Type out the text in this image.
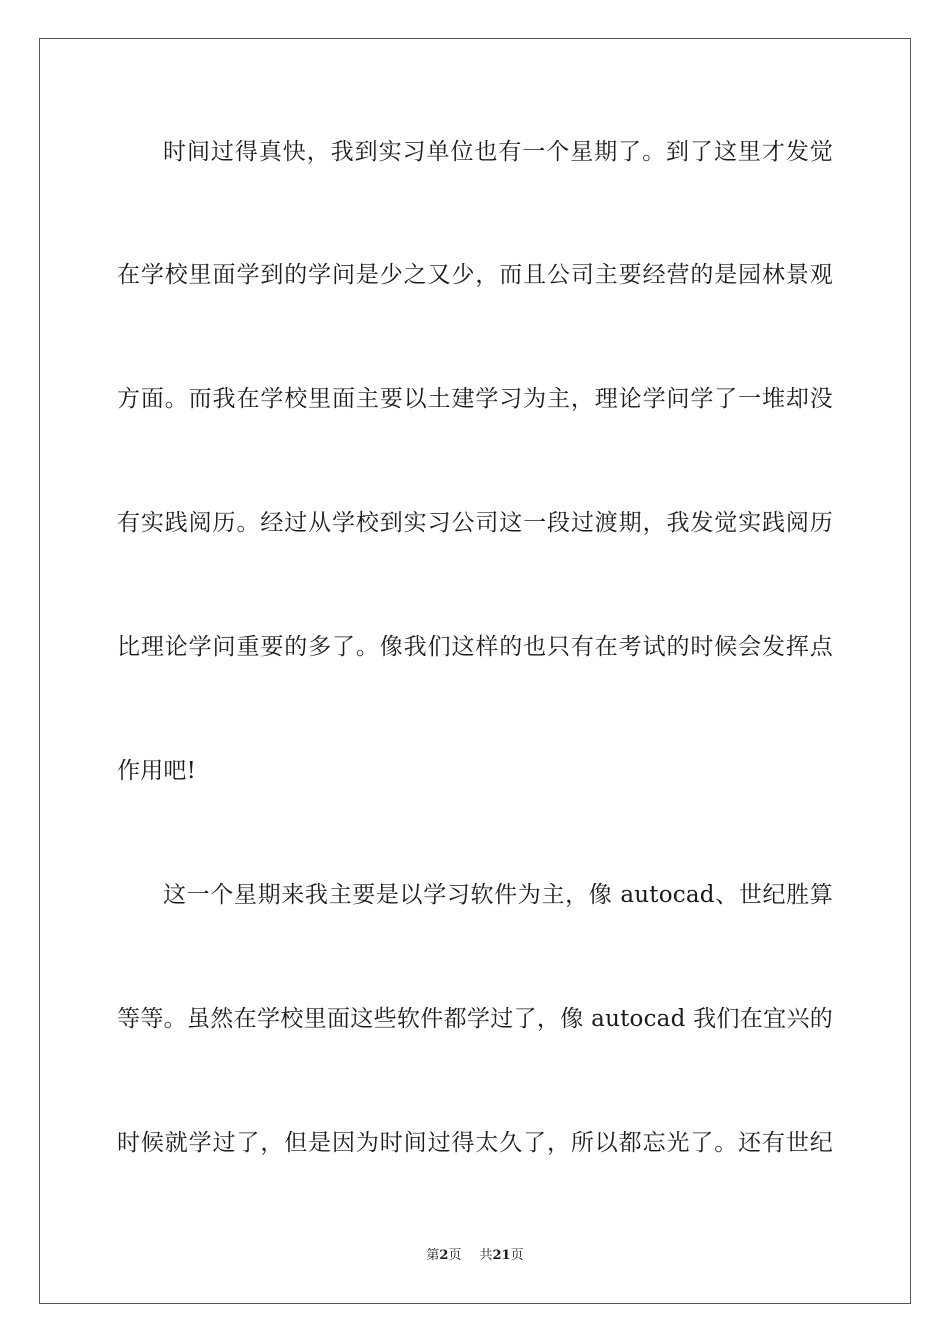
时间过得真快，我到实习单位也有一个星期了。到了这里才发觉
在学校里面学到的学问是少之又少，而且公司主要经营的是园林景观
方面。而我在学校里面主要以土建学习为主，理论学问学了一堆却没
有实践阅历。经过从学校到实习公司这一段过渡期，我发觉实践阅历
比理论学问重要的多了。像我们这样的也只有在考试的时候会发挥点
作用吧!
这一个星期来我主要是以学习软件为主，像 autocad、世纪胜算
等等。虽然在学校里面这些软件都学过了，像 autocad 我们在宜兴的
时候就学过了，但是因为时间过得太久了，所以都忘光了。还有世纪
第2页 共21页
